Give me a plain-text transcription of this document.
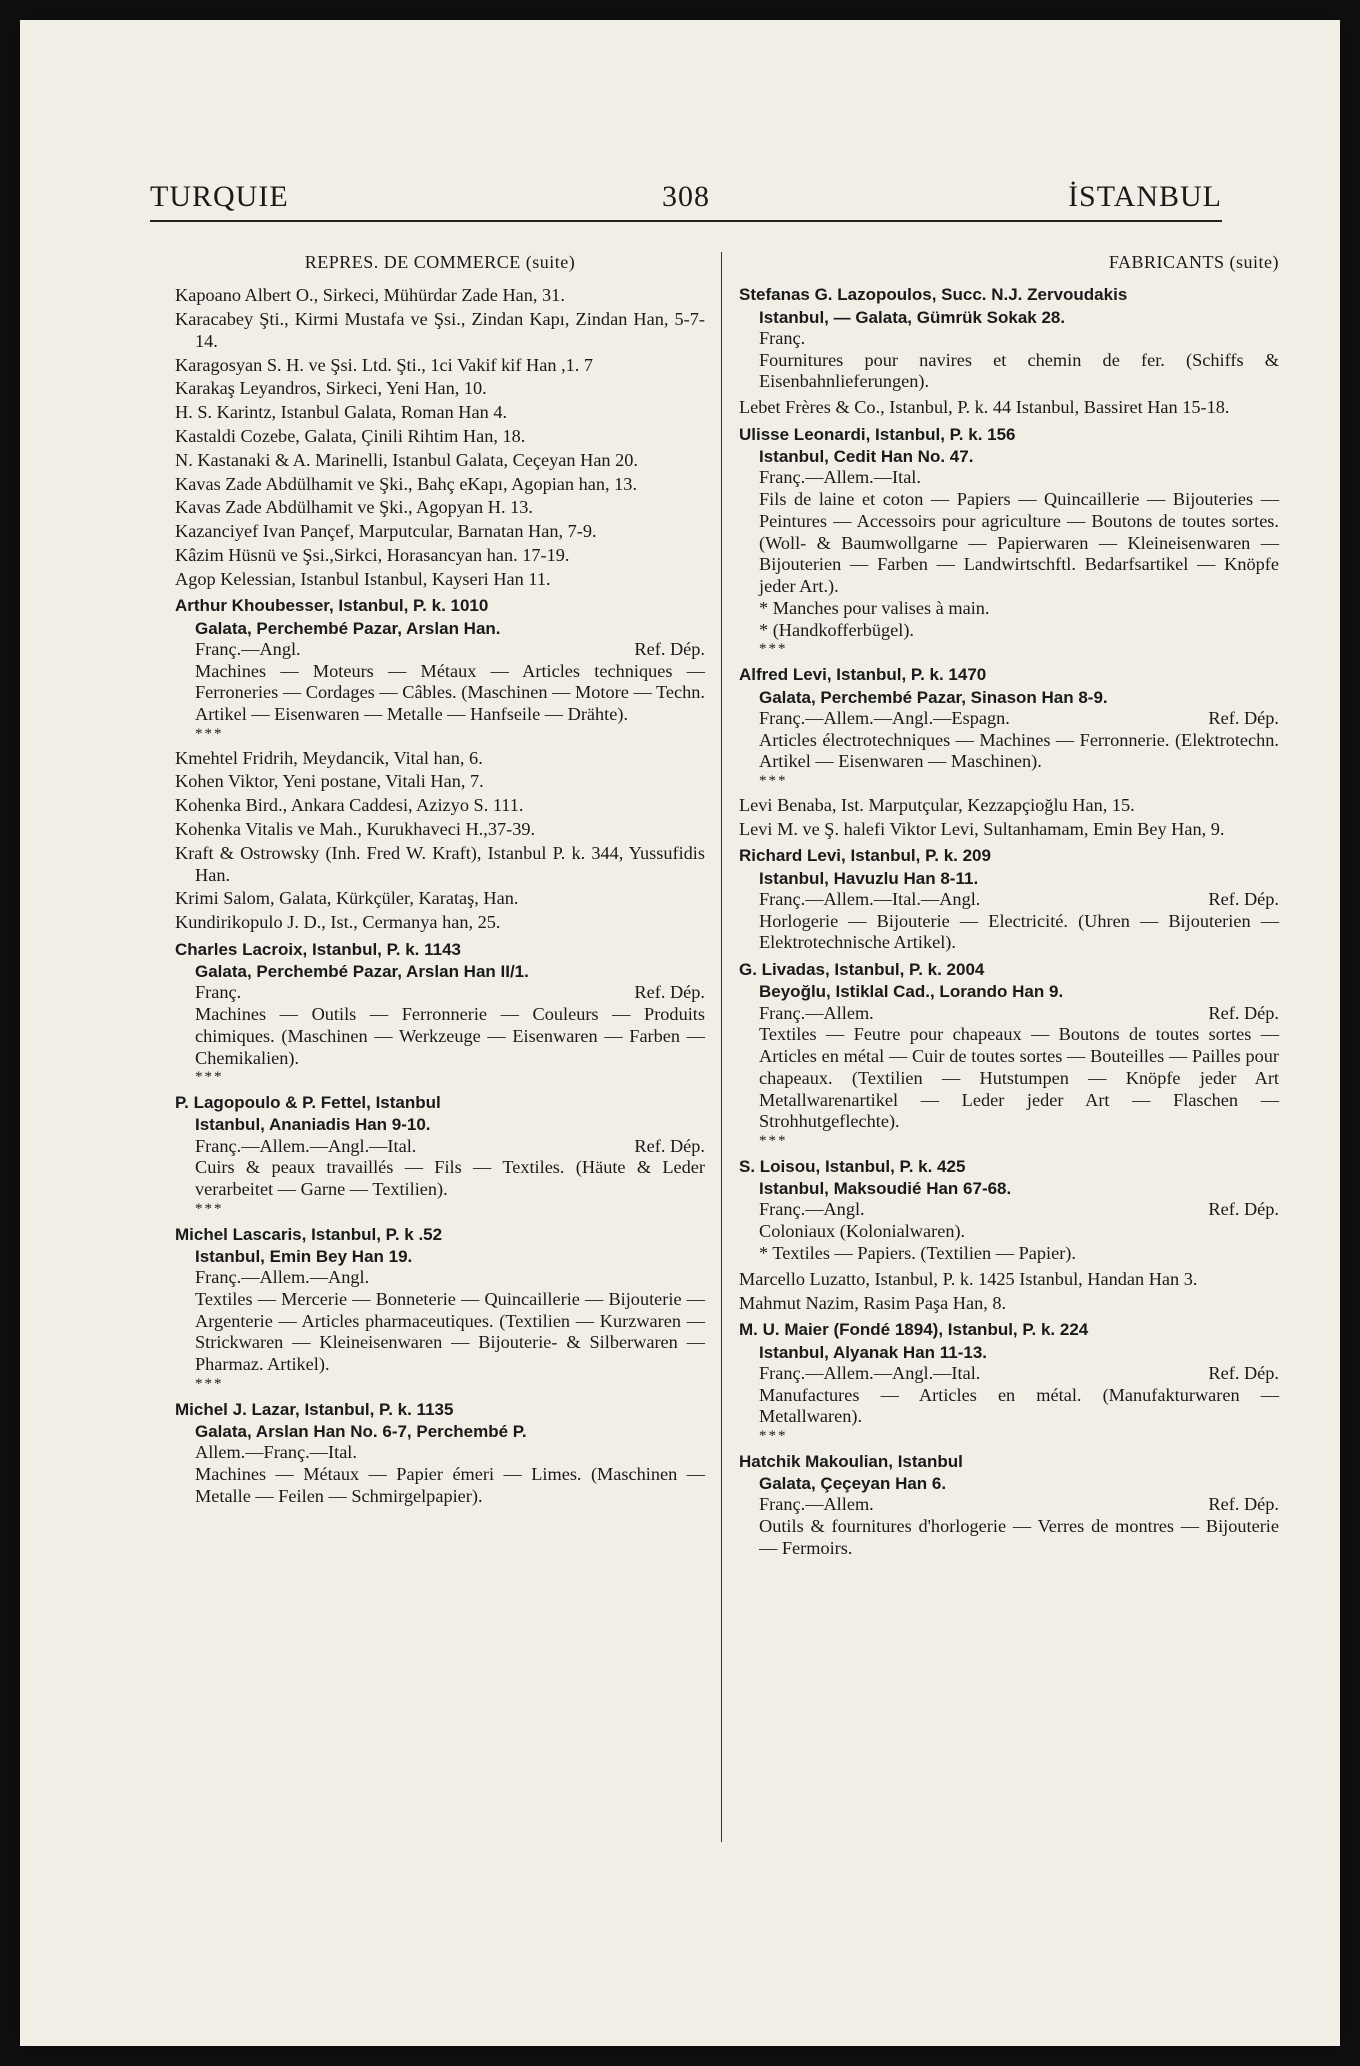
TURQUIE	308	İSTANBUL
REPRES. DE COMMERCE (suite)
Kapoano Albert O., Sirkeci, Mühürdar Zade Han, 31.
Karacabey Şti., Kirmi Mustafa ve Şsi., Zindan Kapı, Zindan Han, 5-7-14.
Karagosyan S. H. ve Şsi. Ltd. Şti., 1ci Vakif kif Han ,1. 7
Karakaş Leyandros, Sirkeci, Yeni Han, 10.
H. S. Karintz, Istanbul Galata, Roman Han 4.
Kastaldi Cozebe, Galata, Çinili Rihtim Han, 18.
N. Kastanaki & A. Marinelli, Istanbul Galata, Ceçeyan Han 20.
Kavas Zade Abdülhamit ve Şki., Bahç eKapı, Agopian han, 13.
Kavas Zade Abdülhamit ve Şki., Agopyan H. 13.
Kazanciyef Ivan Pançef, Marputcular, Barnatan Han, 7-9.
Kâzim Hüsnü ve Şsi.,Sirkci, Horasancyan han. 17-19.
Agop Kelessian, Istanbul Istanbul, Kayseri Han 11.
Arthur Khoubesser, Istanbul, P. k. 1010
Galata, Perchembé Pazar, Arslan Han.
Franç.—Angl.	Ref. Dép.
Machines — Moteurs — Métaux — Articles techniques — Ferroneries — Cordages — Câbles. (Maschinen — Motore — Techn. Artikel — Eisenwaren — Metalle — Hanfseile — Drähte).
***
Kmehtel Fridrih, Meydancik, Vital han, 6.
Kohen Viktor, Yeni postane, Vitali Han, 7.
Kohenka Bird., Ankara Caddesi, Azizyo S. 111.
Kohenka Vitalis ve Mah., Kurukhaveci H.,37-39.
Kraft & Ostrowsky (Inh. Fred W. Kraft), Istanbul P. k. 344, Yussufidis Han.
Krimi Salom, Galata, Kürkçüler, Karataş, Han.
Kundirikopulo J. D., Ist., Cermanya han, 25.
Charles Lacroix, Istanbul, P. k. 1143
Galata, Perchembé Pazar, Arslan Han II/1.
Franç.	Ref. Dép.
Machines — Outils — Ferronnerie — Couleurs — Produits chimiques. (Maschinen — Werkzeuge — Eisenwaren — Farben — Chemikalien).
***
P. Lagopoulo & P. Fettel, Istanbul
Istanbul, Ananiadis Han 9-10.
Franç.—Allem.—Angl.—Ital.	Ref. Dép.
Cuirs & peaux travaillés — Fils — Textiles. (Häute & Leder verarbeitet — Garne — Textilien).
***
Michel Lascaris, Istanbul, P. k .52
Istanbul, Emin Bey Han 19.
Franç.—Allem.—Angl.
Textiles — Mercerie — Bonneterie — Quincaillerie — Bijouterie — Argenterie — Articles pharmaceutiques. (Textilien — Kurzwaren — Strickwaren — Kleineisenwaren — Bijouterie- & Silberwaren — Pharmaz. Artikel).
***
Michel J. Lazar, Istanbul, P. k. 1135
Galata, Arslan Han No. 6-7, Perchembé P.
Allem.—Franç.—Ital.
Machines — Métaux — Papier émeri — Limes. (Maschinen — Metalle — Feilen — Schmirgelpapier).
FABRICANTS (suite)
Stefanas G. Lazopoulos, Succ. N.J. Zervoudakis
Istanbul, — Galata, Gümrük Sokak 28.
Franç.
Fournitures pour navires et chemin de fer. (Schiffs & Eisenbahnlieferungen).
Lebet Frères & Co., Istanbul, P. k. 44 Istanbul, Bassiret Han 15-18.
Ulisse Leonardi, Istanbul, P. k. 156
Istanbul, Cedit Han No. 47.
Franç.—Allem.—Ital.
Fils de laine et coton — Papiers — Quincaillerie — Bijouteries — Peintures — Accessoirs pour agriculture — Boutons de toutes sortes. (Woll- & Baumwollgarne — Papierwaren — Kleineisenwaren — Bijouterien — Farben — Landwirtschftl. Bedarfsartikel — Knöpfe jeder Art.).
* Manches pour valises à main.
* (Handkofferbügel).
***
Alfred Levi, Istanbul, P. k. 1470
Galata, Perchembé Pazar, Sinason Han 8-9.
Franç.—Allem.—Angl.—Espagn.	Ref. Dép.
Articles électrotechniques — Machines — Ferronnerie. (Elektrotechn. Artikel — Eisenwaren — Maschinen).
***
Levi Benaba, Ist. Marputçular, Kezzapçioğlu Han, 15.
Levi M. ve Ş. halefi Viktor Levi, Sultanhamam, Emin Bey Han, 9.
Richard Levi, Istanbul, P. k. 209
Istanbul, Havuzlu Han 8-11.
Franç.—Allem.—Ital.—Angl.	Ref. Dép.
Horlogerie — Bijouterie — Electricité. (Uhren — Bijouterien — Elektrotechnische Artikel).
G. Livadas, Istanbul, P. k. 2004
Beyoğlu, Istiklal Cad., Lorando Han 9.
Franç.—Allem.	Ref. Dép.
Textiles — Feutre pour chapeaux — Boutons de toutes sortes — Articles en métal — Cuir de toutes sortes — Bouteilles — Pailles pour chapeaux. (Textilien — Hutstumpen — Knöpfe jeder Art Metallwarenartikel — Leder jeder Art — Flaschen — Strohhutgeflechte).
***
S. Loisou, Istanbul, P. k. 425
Istanbul, Maksoudié Han 67-68.
Franç.—Angl.	Ref. Dép.
Coloniaux (Kolonialwaren).
* Textiles — Papiers. (Textilien — Papier).
Marcello Luzatto, Istanbul, P. k. 1425 Istanbul, Handan Han 3.
Mahmut Nazim, Rasim Paşa Han, 8.
M. U. Maier (Fondé 1894), Istanbul, P. k. 224
Istanbul, Alyanak Han 11-13.
Franç.—Allem.—Angl.—Ital.	Ref. Dép.
Manufactures — Articles en métal. (Manufakturwaren — Metallwaren).
***
Hatchik Makoulian, Istanbul
Galata, Çeçeyan Han 6.
Franç.—Allem.	Ref. Dép.
Outils & fournitures d'horlogerie — Verres de montres — Bijouterie — Fermoirs.
